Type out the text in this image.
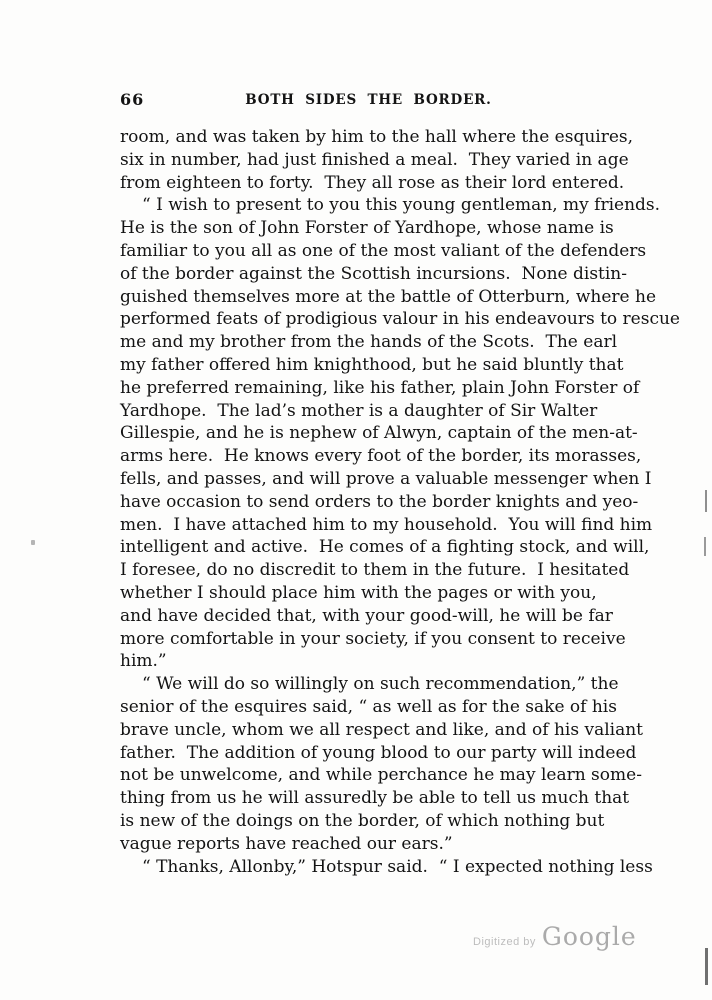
66	BOTH SIDES THE BORDER.
room, and was taken by him to the hall where the esquires,
six in number, had just finished a meal.  They varied in age
from eighteen to forty.  They all rose as their lord entered.
“ I wish to present to you this young gentleman, my friends.
He is the son of John Forster of Yardhope, whose name is
familiar to you all as one of the most valiant of the defenders
of the border against the Scottish incursions.  None distin-
guished themselves more at the battle of Otterburn, where he
performed feats of prodigious valour in his endeavours to rescue
me and my brother from the hands of the Scots.  The earl
my father offered him knighthood, but he said bluntly that
he preferred remaining, like his father, plain John Forster of
Yardhope.  The lad’s mother is a daughter of Sir Walter
Gillespie, and he is nephew of Alwyn, captain of the men-at-
arms here.  He knows every foot of the border, its morasses,
fells, and passes, and will prove a valuable messenger when I
have occasion to send orders to the border knights and yeo-
men.  I have attached him to my household.  You will find him
intelligent and active.  He comes of a fighting stock, and will,
I foresee, do no discredit to them in the future.  I hesitated
whether I should place him with the pages or with you,
and have decided that, with your good-will, he will be far
more comfortable in your society, if you consent to receive
him.”
“ We will do so willingly on such recommendation,” the
senior of the esquires said, “ as well as for the sake of his
brave uncle, whom we all respect and like, and of his valiant
father.  The addition of young blood to our party will indeed
not be unwelcome, and while perchance he may learn some-
thing from us he will assuredly be able to tell us much that
is new of the doings on the border, of which nothing but
vague reports have reached our ears.”
“ Thanks, Allonby,” Hotspur said.  “ I expected nothing less
Digitized by Google
